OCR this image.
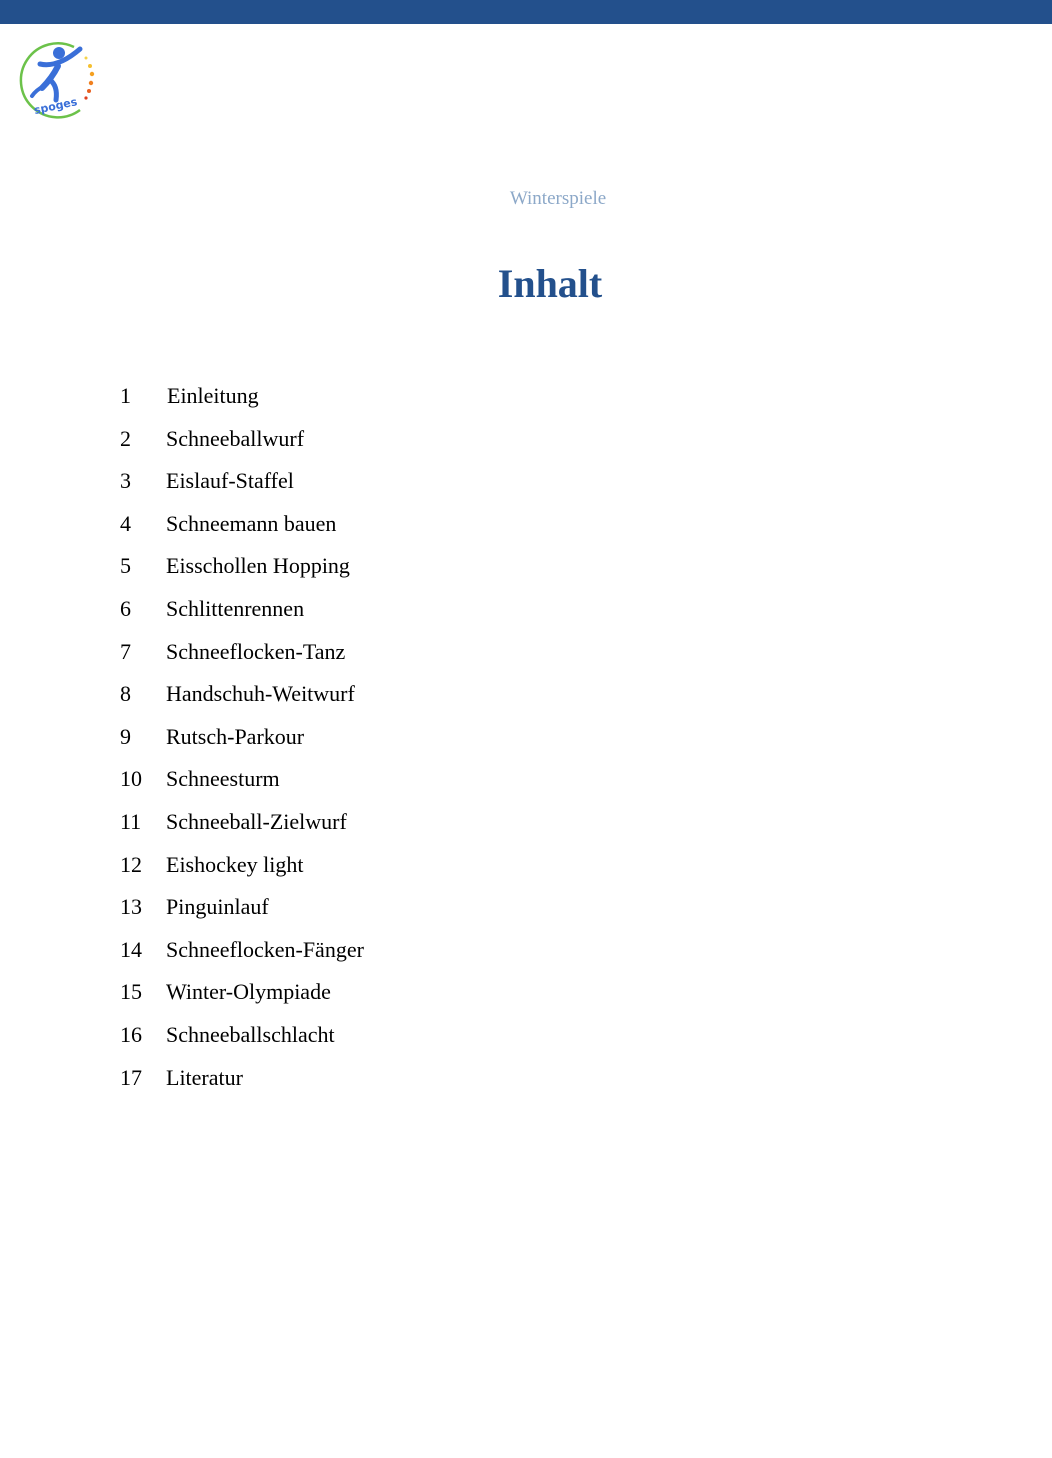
spoges
Winterspiele
Inhalt
1 Einleitung
2 Schneeballwurf
3 Eislauf-Staffel
4 Schneemann bauen
5 Eisschollen Hopping
6 Schlittenrennen
7 Schneeflocken-Tanz
8 Handschuh-Weitwurf
9 Rutsch-Parkour
10 Schneesturm
11 Schneeball-Zielwurf
12 Eishockey light
13 Pinguinlauf
14 Schneeflocken-Fänger
15 Winter-Olympiade
16 Schneeballschlacht
17 Literatur
